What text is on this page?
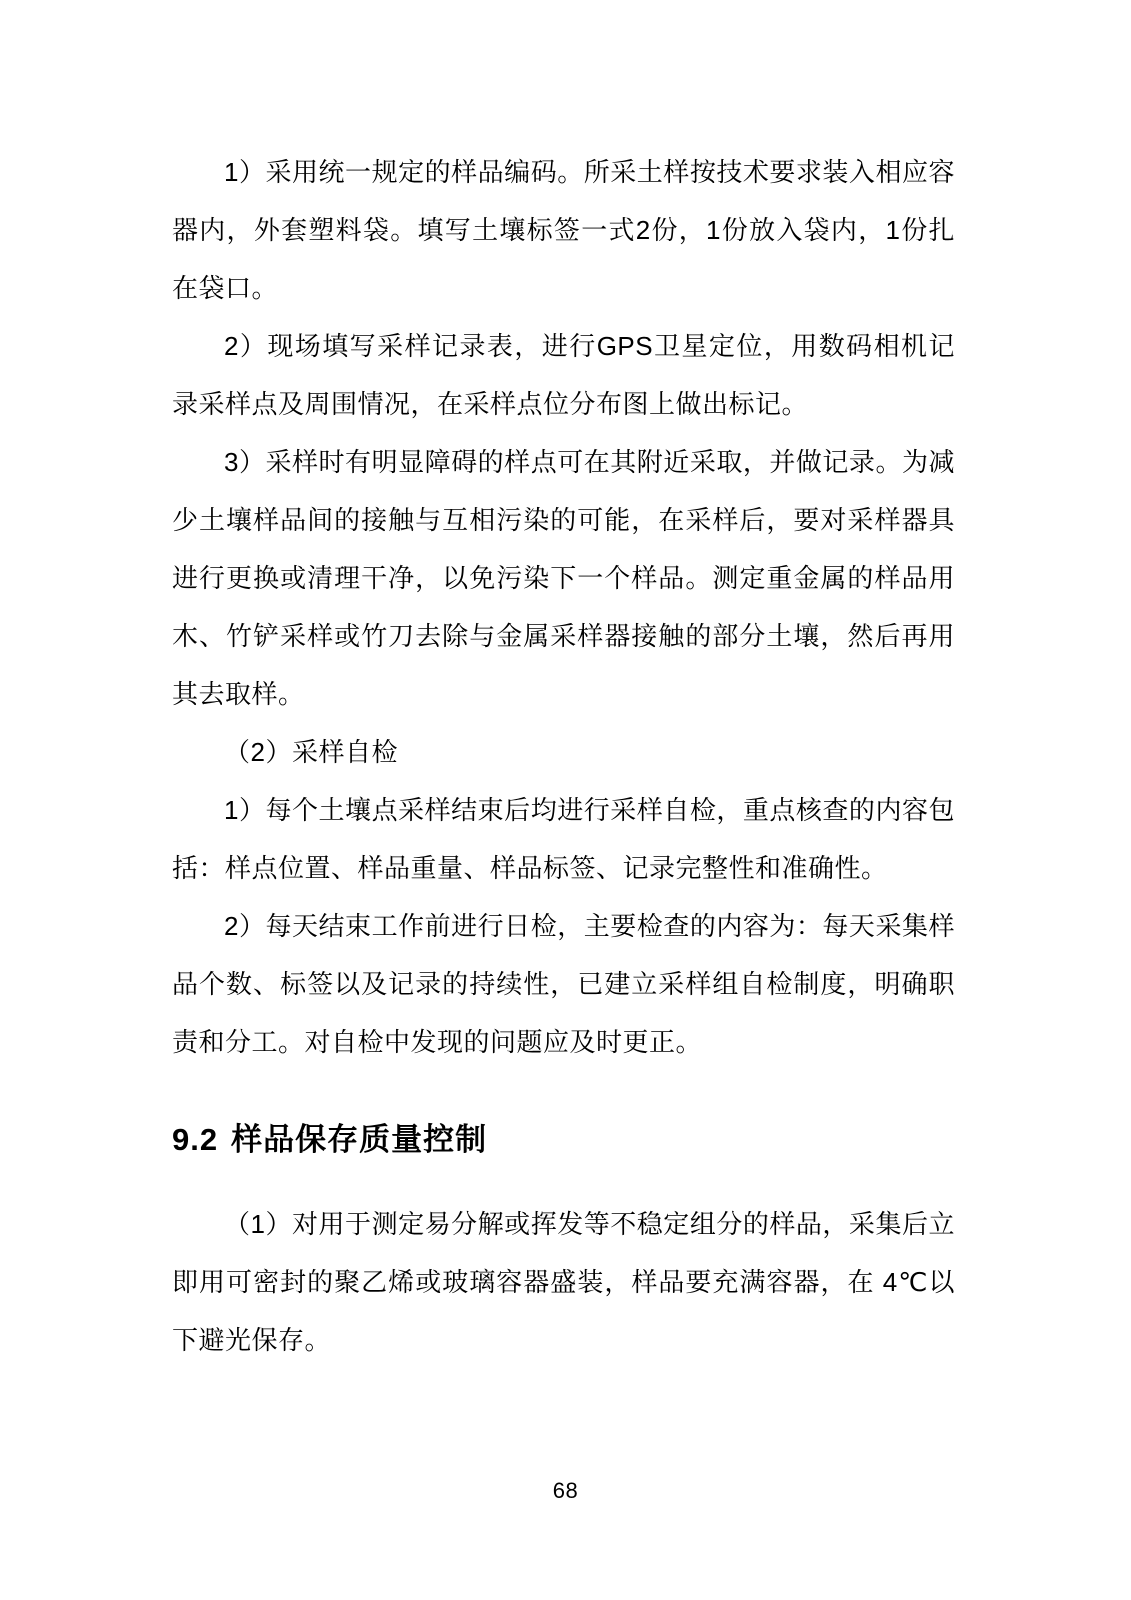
1）采用统一规定的样品编码。所采土样按技术要求装入相应容器内，外套塑料袋。填写土壤标签一式2份，1份放入袋内，1份扎在袋口。

2）现场填写采样记录表，进行GPS卫星定位，用数码相机记录采样点及周围情况，在采样点位分布图上做出标记。

3）采样时有明显障碍的样点可在其附近采取，并做记录。为减少土壤样品间的接触与互相污染的可能，在采样后，要对采样器具进行更换或清理干净，以免污染下一个样品。测定重金属的样品用木、竹铲采样或竹刀去除与金属采样器接触的部分土壤，然后再用其去取样。

（2）采样自检

1）每个土壤点采样结束后均进行采样自检，重点核查的内容包括：样点位置、样品重量、样品标签、记录完整性和准确性。

2）每天结束工作前进行日检，主要检查的内容为：每天采集样品个数、标签以及记录的持续性，已建立采样组自检制度，明确职责和分工。对自检中发现的问题应及时更正。

9.2 样品保存质量控制

（1）对用于测定易分解或挥发等不稳定组分的样品，采集后立即用可密封的聚乙烯或玻璃容器盛装，样品要充满容器，在 4℃以下避光保存。

68
